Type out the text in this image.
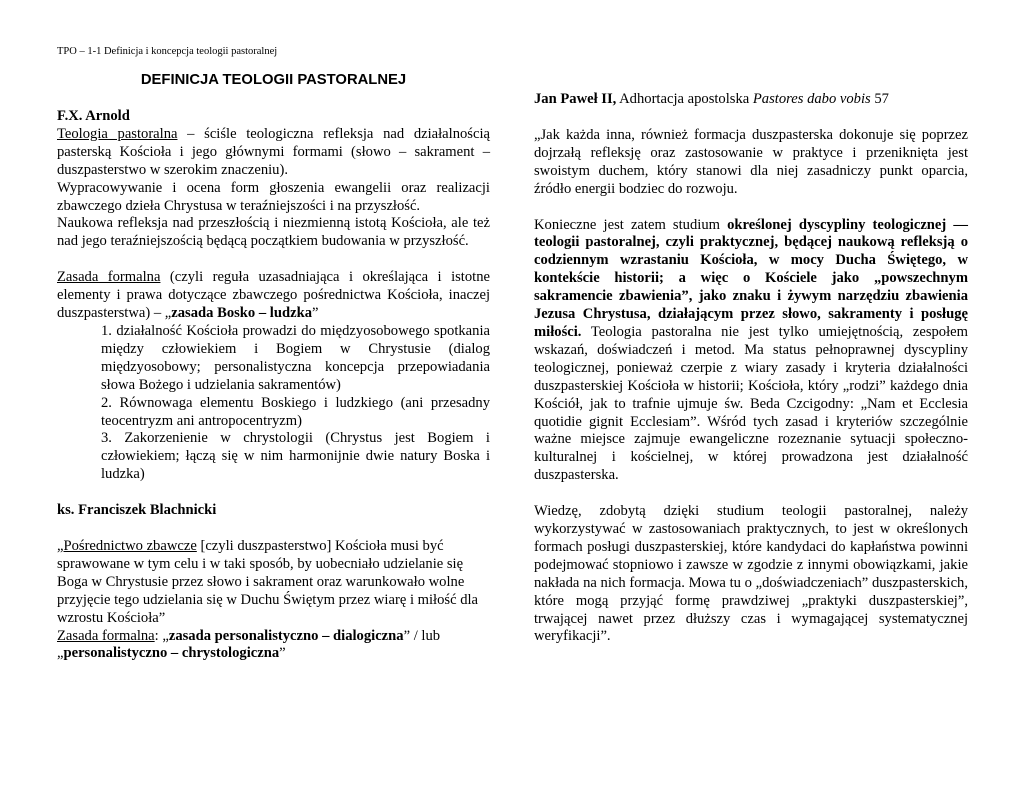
TPO – 1-1 Definicja i koncepcja teologii pastoralnej
DEFINICJA TEOLOGII PASTORALNEJ

F.X. Arnold

Teologia pastoralna – ściśle teologiczna refleksja nad działalnością pasterską Kościoła i jego głównymi formami (słowo – sakrament – duszpasterstwo w szerokim znaczeniu).

Wypracowywanie i ocena form głoszenia ewangelii oraz realizacji zbawczego dzieła Chrystusa w teraźniejszości i na przyszłość.

Naukowa refleksja nad przeszłością i niezmienną istotą Kościoła, ale też nad jego teraźniejszością będącą początkiem budowania w przyszłość.

Zasada formalna (czyli reguła uzasadniająca i określająca i istotne elementy i prawa dotyczące zbawczego pośrednictwa Kościoła, inaczej duszpasterstwa) – „zasada Bosko – ludzka”

1. działalność Kościoła prowadzi do międzyosobowego spotkania między człowiekiem i Bogiem w Chrystusie (dialog międzyosobowy; personalistyczna koncepcja przepowiadania słowa Bożego i udzielania sakramentów)

2. Równowaga elementu Boskiego i ludzkiego (ani przesadny teocentryzm ani antropocentryzm)

3. Zakorzenienie w chrystologii (Chrystus jest Bogiem i człowiekiem; łączą się w nim harmonijnie dwie natury Boska i ludzka)

ks. Franciszek Blachnicki

„Pośrednictwo zbawcze [czyli duszpasterstwo] Kościoła musi być sprawowane w tym celu i w taki sposób, by uobecniało udzielanie się Boga w Chrystusie przez słowo i sakrament oraz warunkowało wolne przyjęcie tego udzielania się w Duchu Świętym przez wiarę i miłość dla wzrostu Kościoła”

Zasada formalna: „zasada personalistyczno – dialogiczna” / lub „personalistyczno – chrystologiczna”

Jan Paweł II, Adhortacja apostolska Pastores dabo vobis 57

„Jak każda inna, również formacja duszpasterska dokonuje się poprzez dojrzałą refleksję oraz zastosowanie w praktyce i przeniknięta jest swoistym duchem, który stanowi dla niej zasadniczy punkt oparcia, źródło energii bodziec do rozwoju.

Konieczne jest zatem studium określonej dyscypliny teologicznej — teologii pastoralnej, czyli praktycznej, będącej naukową refleksją o codziennym wzrastaniu Kościoła, w mocy Ducha Świętego, w kontekście historii; a więc o Kościele jako „powszechnym sakramencie zbawienia”, jako znaku i żywym narzędziu zbawienia Jezusa Chrystusa, działającym przez słowo, sakramenty i posługę miłości. Teologia pastoralna nie jest tylko umiejętnością, zespołem wskazań, doświadczeń i metod. Ma status pełnoprawnej dyscypliny teologicznej, ponieważ czerpie z wiary zasady i kryteria działalności duszpasterskiej Kościoła w historii; Kościoła, który „rodzi” każdego dnia Kościół, jak to trafnie ujmuje św. Beda Czcigodny: „Nam et Ecclesia quotidie gignit Ecclesiam”. Wśród tych zasad i kryteriów szczególnie ważne miejsce zajmuje ewangeliczne rozeznanie sytuacji społeczno-kulturalnej i kościelnej, w której prowadzona jest działalność duszpasterska.

Wiedzę, zdobytą dzięki studium teologii pastoralnej, należy wykorzystywać w zastosowaniach praktycznych, to jest w określonych formach posługi duszpasterskiej, które kandydaci do kapłaństwa powinni podejmować stopniowo i zawsze w zgodzie z innymi obowiązkami, jakie nakłada na nich formacja. Mowa tu o „doświadczeniach” duszpasterskich, które mogą przyjąć formę prawdziwej „praktyki duszpasterskiej”, trwającej nawet przez dłuższy czas i wymagającej systematycznej weryfikacji”.
